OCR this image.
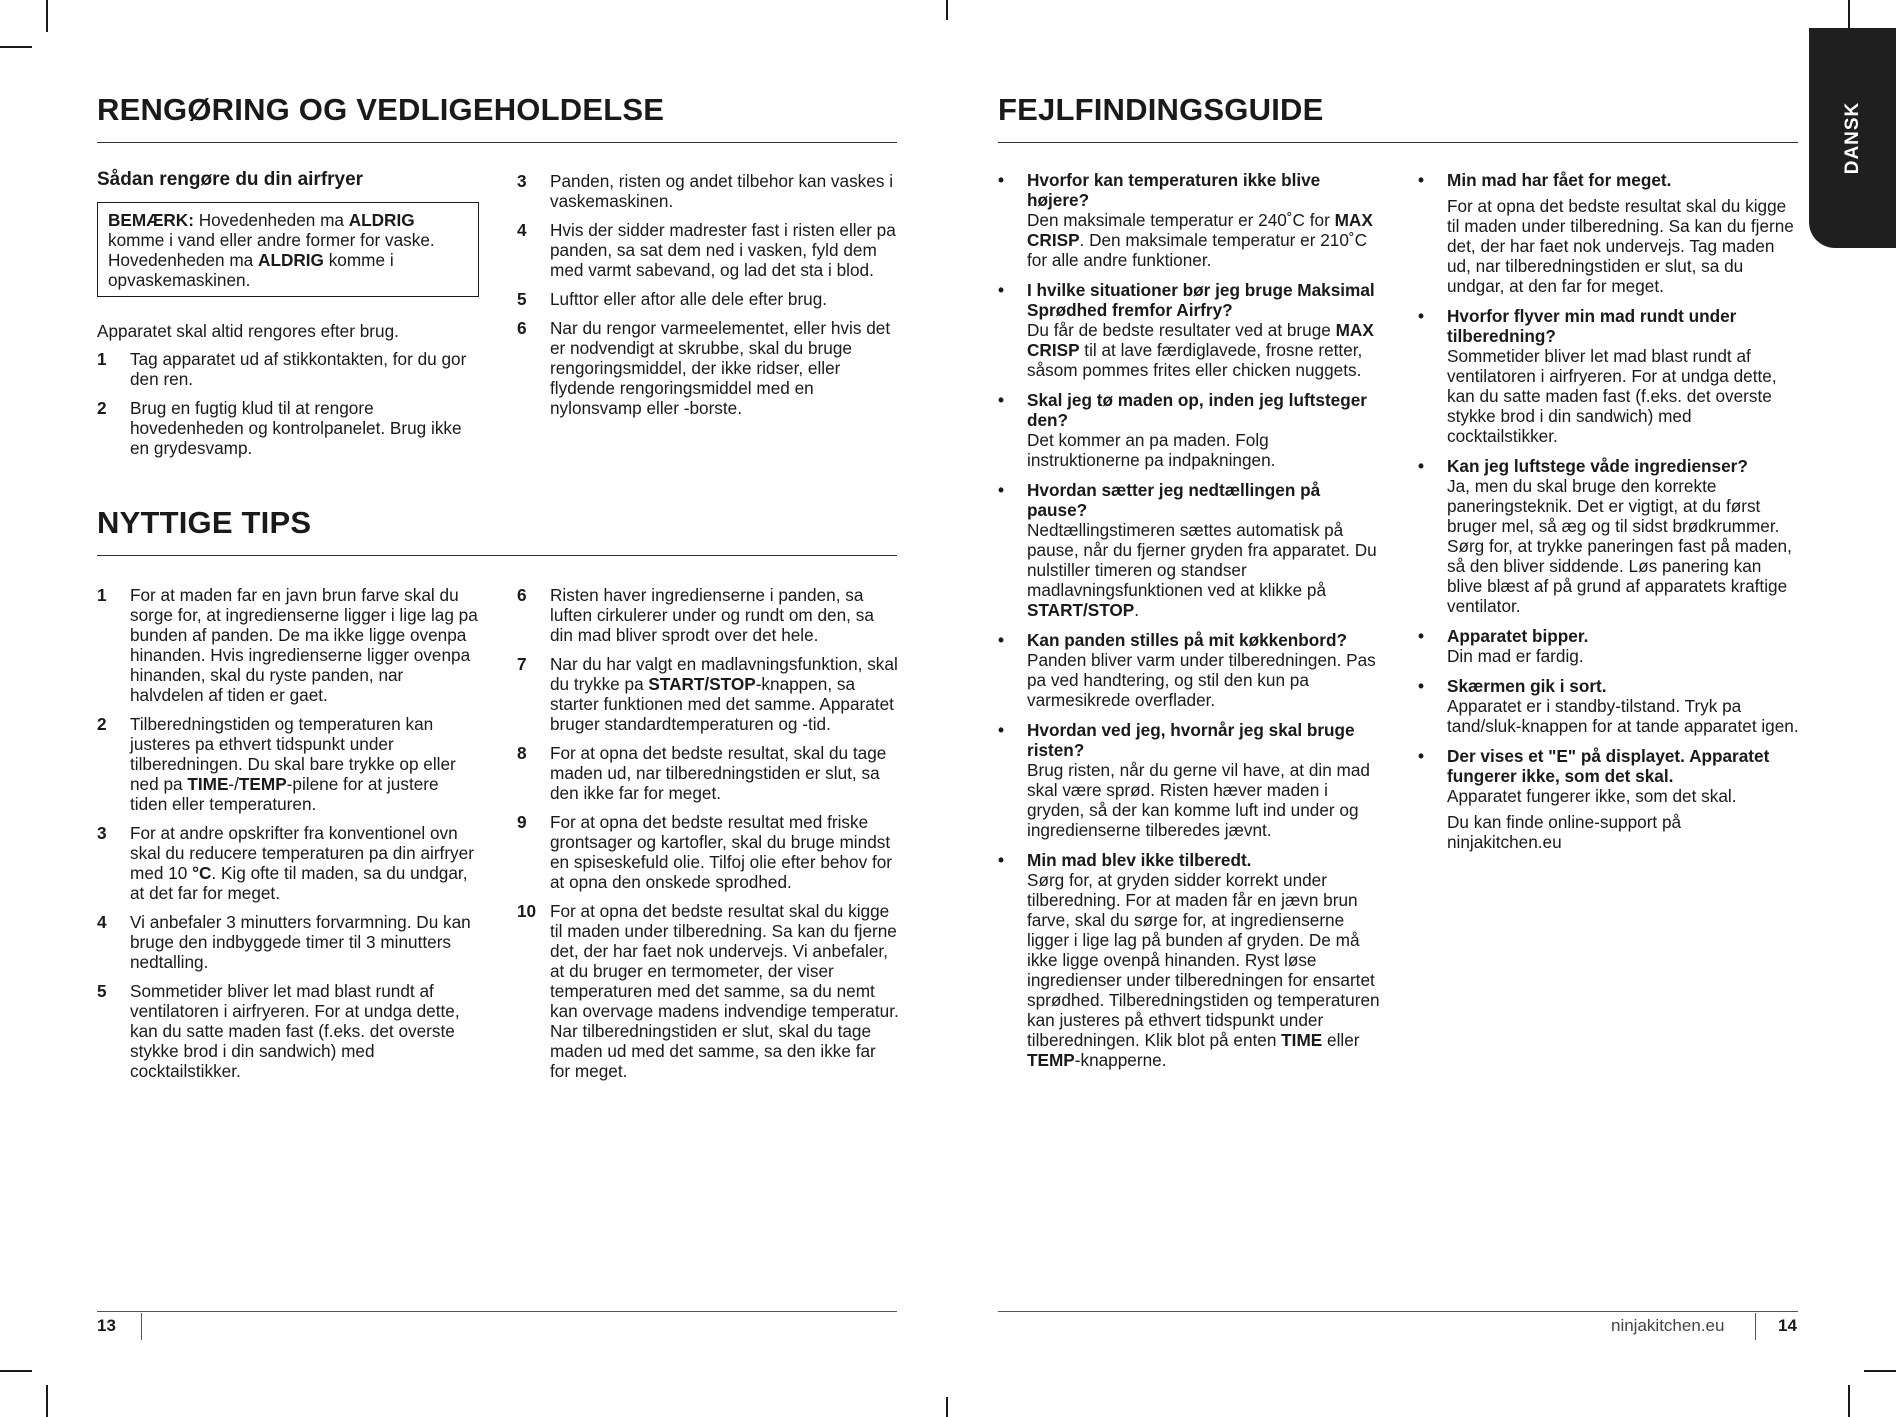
RENGØRING OG VEDLIGEHOLDELSE
Sådan rengøre du din airfryer
BEMÆRK: Hovedenheden ma ALDRIG komme i vand eller andre former for vaske. Hovedenheden ma ALDRIG komme i opvaskemaskinen.

Apparatet skal altid rengores efter brug.

1	Tag apparatet ud af stikkontakten, for du gor den ren.
2	Brug en fugtig klud til at rengore hovedenheden og kontrolpanelet. Brug ikke en grydesvamp.
3	Panden, risten og andet tilbehor kan vaskes i vaskemaskinen.
4	Hvis der sidder madrester fast i risten eller pa panden, sa sat dem ned i vasken, fyld dem med varmt sabevand, og lad det sta i blod.
5	Lufttor eller aftor alle dele efter brug.
6	Nar du rengor varmeelementet, eller hvis det er nodvendigt at skrubbe, skal du bruge rengoringsmiddel, der ikke ridser, eller flydende rengoringsmiddel med en nylonsvamp eller -borste.
NYTTIGE TIPS
1	For at maden far en javn brun farve skal du sorge for, at ingredienserne ligger i lige lag pa bunden af panden. De ma ikke ligge ovenpa hinanden. Hvis ingredienserne ligger ovenpa hinanden, skal du ryste panden, nar halvdelen af tiden er gaet.
2	Tilberedningstiden og temperaturen kan justeres pa ethvert tidspunkt under tilberedningen. Du skal bare trykke op eller ned pa TIME-/TEMP-pilene for at justere tiden eller temperaturen.
3	For at andre opskrifter fra konventionel ovn skal du reducere temperaturen pa din airfryer med 10 °C. Kig ofte til maden, sa du undgar, at det far for meget.
4	Vi anbefaler 3 minutters forvarmning. Du kan bruge den indbyggede timer til 3 minutters nedtalling.
5	Sommetider bliver let mad blast rundt af ventilatoren i airfryeren. For at undga dette, kan du satte maden fast (f.eks. det overste stykke brod i din sandwich) med cocktailstikker.
6	Risten haver ingredienserne i panden, sa luften cirkulerer under og rundt om den, sa din mad bliver sprodt over det hele.
7	Nar du har valgt en madlavningsfunktion, skal du trykke pa START/STOP-knappen, sa starter funktionen med det samme. Apparatet bruger standardtemperaturen og -tid.
8	For at opna det bedste resultat, skal du tage maden ud, nar tilberedningstiden er slut, sa den ikke far for meget.
9	For at opna det bedste resultat med friske grontsager og kartofler, skal du bruge mindst en spiseskefuld olie. Tilfoj olie efter behov for at opna den onskede sprodhed.
10 For at opna det bedste resultat skal du kigge til maden under tilberedning. Sa kan du fjerne det, der har faet nok undervejs. Vi anbefaler, at du bruger en termometer, der viser temperaturen med det samme, sa du nemt kan overvage madens indvendige temperatur. Nar tilberedningstiden er slut, skal du tage maden ud med det samme, sa den ikke far for meget.
13
FEJLFINDINGSGUIDE	DANSK
•	Hvorfor kan temperaturen ikke blive højere?
Den maksimale temperatur er 240˚C for MAX CRISP. Den maksimale temperatur er 210˚C for alle andre funktioner.
•	I hvilke situationer bør jeg bruge Maksimal Sprødhed fremfor Airfry?
Du får de bedste resultater ved at bruge MAX CRISP til at lave færdiglavede, frosne retter, såsom pommes frites eller chicken nuggets.
•	Skal jeg tø maden op, inden jeg luftsteger den?
Det kommer an pa maden. Folg instruktionerne pa indpakningen.
•	Hvordan sætter jeg nedtællingen på pause?
Nedtællingstimeren sættes automatisk på pause, når du fjerner gryden fra apparatet. Du nulstiller timeren og standser madlavningsfunktionen ved at klikke på START/STOP.
•	Kan panden stilles på mit køkkenbord?
Panden bliver varm under tilberedningen. Pas pa ved handtering, og stil den kun pa varmesikrede overflader.
•	Hvordan ved jeg, hvornår jeg skal bruge risten?
Brug risten, når du gerne vil have, at din mad skal være sprød. Risten hæver maden i gryden, så der kan komme luft ind under og ingredienserne tilberedes jævnt.
•	Min mad blev ikke tilberedt.
Sørg for, at gryden sidder korrekt under tilberedning. For at maden får en jævn brun farve, skal du sørge for, at ingredienserne ligger i lige lag på bunden af gryden. De må ikke ligge ovenpå hinanden. Ryst løse ingredienser under tilberedningen for ensartet sprødhed. Tilberedningstiden og temperaturen kan justeres på ethvert tidspunkt under tilberedningen. Klik blot på enten TIME eller TEMP-knapperne.
•	Min mad har fået for meget.
For at opna det bedste resultat skal du kigge til maden under tilberedning. Sa kan du fjerne det, der har faet nok undervejs. Tag maden ud, nar tilberedningstiden er slut, sa du undgar, at den far for meget.
•	Hvorfor flyver min mad rundt under tilberedning?
Sommetider bliver let mad blast rundt af ventilatoren i airfryeren. For at undga dette, kan du satte maden fast (f.eks. det overste stykke brod i din sandwich) med cocktailstikker.
•	Kan jeg luftstege våde ingredienser?
Ja, men du skal bruge den korrekte paneringsteknik. Det er vigtigt, at du først bruger mel, så æg og til sidst brødkrummer. Sørg for, at trykke paneringen fast på maden, så den bliver siddende. Løs panering kan blive blæst af på grund af apparatets kraftige ventilator.
•	Apparatet bipper.
Din mad er fardig.
•	Skærmen gik i sort.
Apparatet er i standby-tilstand. Tryk pa tand/sluk-knappen for at tande apparatet igen.
•	Der vises et "E" på displayet. Apparatet fungerer ikke, som det skal.
Apparatet fungerer ikke, som det skal.
Du kan finde online-support på ninjakitchen.eu
ninjakitchen.eu	14
